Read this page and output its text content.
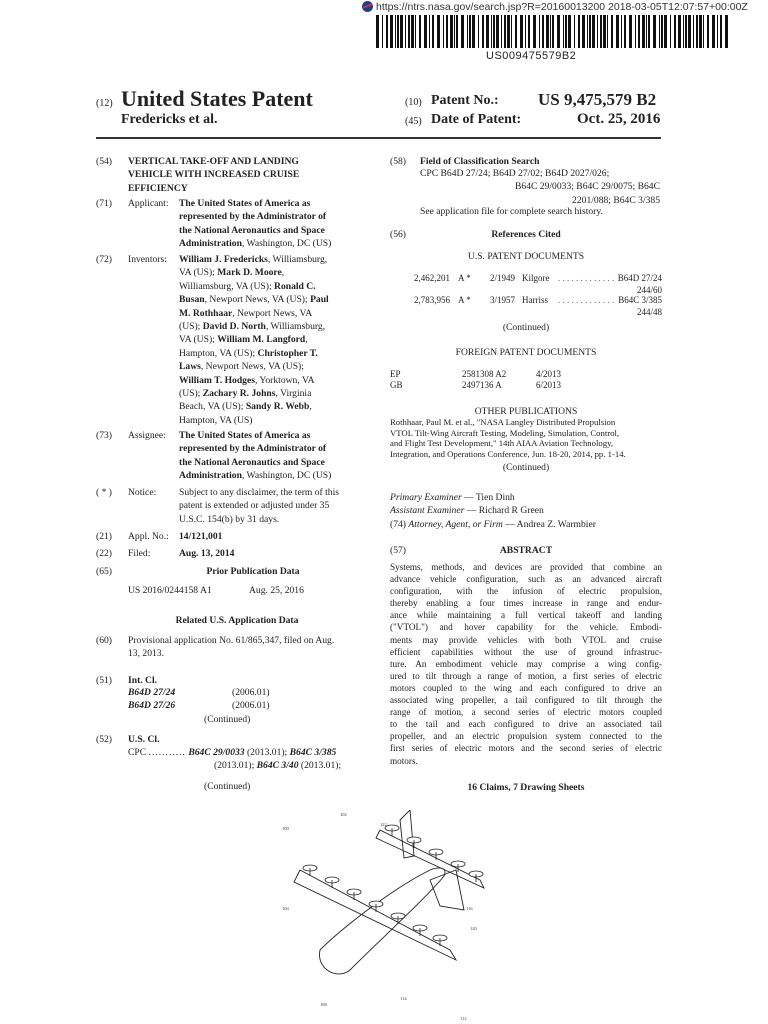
https://ntrs.nasa.gov/search.jsp?R=20160013200 2018-03-05T12:07:57+00:00Z
US009475579B2
(12) United States Patent
Fredericks et al.
(10) Patent No.: US 9,475,579 B2
(45) Date of Patent:	Oct. 25, 2016
(54) VERTICAL TAKE-OFF AND LANDING
VEHICLE WITH INCREASED CRUISE
EFFICIENCY
(71) Applicant: The United States of America as
represented by the Administrator of
the National Aeronautics and Space
Administration, Washington, DC (US)
(72) Inventors: William J. Fredericks, Williamsburg,
VA (US); Mark D. Moore,
Williamsburg, VA (US); Ronald C.
Busan, Newport News, VA (US); Paul
M. Rothhaar, Newport News, VA
(US); David D. North, Williamsburg,
VA (US); William M. Langford,
Hampton, VA (US); Christopher T.
Laws, Newport News, VA (US);
William T. Hodges, Yorktown, VA
(US); Zachary R. Johns, Virginia
Beach, VA (US); Sandy R. Webb,
Hampton, VA (US)
(73) Assignee: The United States of America as
represented by the Administrator of
the National Aeronautics and Space
Administration, Washington, DC (US)
( * ) Notice: Subject to any disclaimer, the term of this
patent is extended or adjusted under 35
U.S.C. 154(b) by 31 days.
(21) Appl. No.: 14/121,001
(22) Filed:	Aug. 13, 2014
(65)	Prior Publication Data
US 2016/0244158 A1	Aug. 25, 2016
Related U.S. Application Data
(60) Provisional application No. 61/865,347, filed on Aug.
13, 2013.
(51) Int. Cl.
B64D 27/24	(2006.01)
B64D 27/26	(2006.01)
(Continued)
(52) U.S. Cl.
CPC ........... B64C 29/0033 (2013.01); B64C 3/385
(2013.01); B64C 3/40 (2013.01);
(Continued)
(58) Field of Classification Search
CPC B64D 27/24; B64D 27/02; B64D 2027/026;
B64C 29/0033; B64C 29/0075; B64C
2201/088; B64C 3/385
See application file for complete search history.
(56)	References Cited
U.S. PATENT DOCUMENTS
2,462,201 A * 2/1949 Kilgore . . . . . . . . . . . . . B64D 27/24
244/60
2,783,956 A * 3/1957 Harriss . . . . . . . . . . . . . B64C 3/385
244/48
(Continued)
FOREIGN PATENT DOCUMENTS
EP	2581308 A2	4/2013
GB	2497136 A	6/2013
OTHER PUBLICATIONS
Rothhaar, Paul M. et al., "NASA Langley Distributed Propulsion
VTOL Tilt-Wing Aircraft Testing, Modeling, Simulation, Control,
and Flight Test Development," 14th AIAA Aviation Technology,
Integration, and Operations Conference, Jun. 18-20, 2014, pp. 1-14.
(Continued)
Primary Examiner — Tien Dinh
Assistant Examiner — Richard R Green
(74) Attorney, Agent, or Firm — Andrea Z. Warmbier
(57)	ABSTRACT
Systems, methods, and devices are provided that combine an
advance vehicle configuration, such as an advanced aircraft
configuration, with the infusion of electric propulsion,
thereby enabling a four times increase in range and endur-
ance while maintaining a full vertical takeoff and landing
("VTOL") and hover capability for the vehicle. Embodi-
ments may provide vehicles with both VTOL and cruise
efficient capabilities without the use of ground infrastruc-
ture. An embodiment vehicle may comprise a wing config-
ured to tilt through a range of motion, a first series of electric
motors coupled to the wing and each configured to drive an
associated wing propeller, a tail configured to tilt through the
range of motion, a second series of electric motors coupled
to the tail and each configured to drive an associated tail
propeller, and an electric propulsion system connected to the
first series of electric motors and the second series of electric
motors.
16 Claims, 7 Drawing Sheets
100
102
122
116
120
112
104
108
114
